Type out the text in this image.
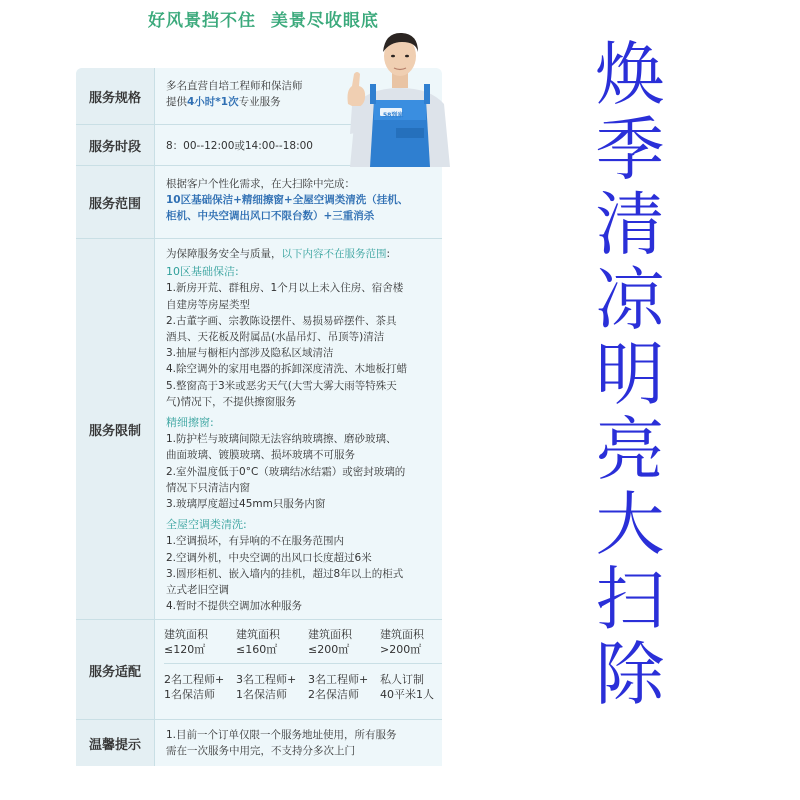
好风景挡不住 美景尽收眼底
服务规格
多名直营自培工程师和保洁师
提供4小时*1次专业服务
服务时段	8：00--12:00或14:00--18:00
服务范围
根据客户个性化需求，在大扫除中完成：
10区基础保洁+精细擦窗+全屋空调类清洗（挂机、
柜机、中央空调出风口不限台数）+三重消杀
服务限制
为保障服务安全与质量，以下内容不在服务范围:
10区基础保洁:
1.新房开荒、群租房、1个月以上未入住房、宿舍楼
自建房等房屋类型
2.古董字画、宗教陈设摆件、易损易碎摆件、茶具
酒具、天花板及附属品(水晶吊灯、吊顶等)清洁
3.抽屉与橱柜内部涉及隐私区域清洁
4.除空调外的家用电器的拆卸深度清洗、木地板打蜡
5.整窗高于3米或恶劣天气(大雪大雾大雨等特殊天
气)情况下，不提供擦窗服务
精细擦窗:
1.防护栏与玻璃间隙无法容纳玻璃擦、磨砂玻璃、
曲面玻璃、镀膜玻璃、损坏玻璃不可服务
2.室外温度低于0°C（玻璃结冰结霜）或密封玻璃的
情况下只清洁内窗
3.玻璃厚度超过45mm只服务内窗
全屋空调类清洗:
1.空调损坏，有异响的不在服务范围内
2.空调外机，中央空调的出风口长度超过6米
3.圆形柜机、嵌入墙内的挂机，超过8年以上的柜式
立式老旧空调
4.暂时不提供空调加冰种服务
服务适配
建筑面积
≤120㎡
建筑面积
≤160㎡
建筑面积
≤200㎡
建筑面积
>200㎡
2名工程师+
1名保洁师
3名工程师+
1名保洁师
3名工程师+
2名保洁师
私人订制
40平米1人
温馨提示
1.目前一个订单仅限一个服务地址使用，所有服务
需在一次服务中用完，不支持分多次上门
58到家
焕
季
清
凉
明
亮
大
扫
除
